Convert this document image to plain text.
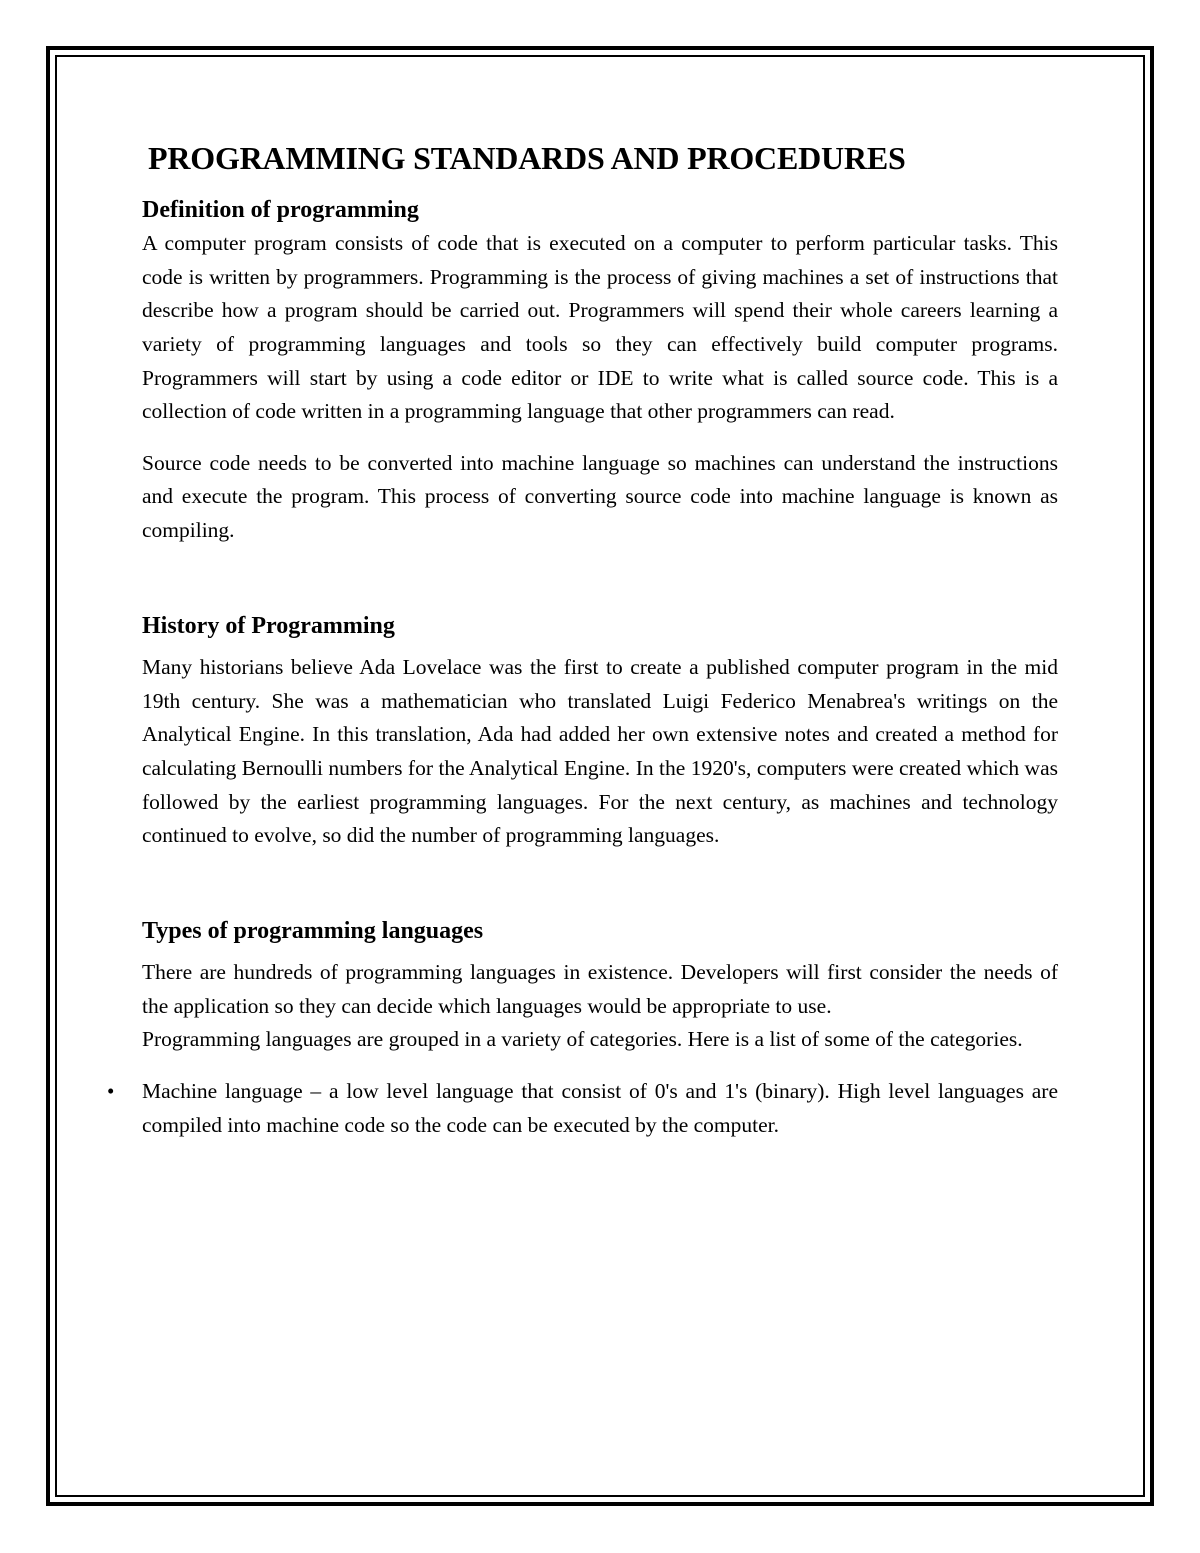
PROGRAMMING STANDARDS AND PROCEDURES
Definition of programming

A computer program consists of code that is executed on a computer to perform particular tasks. This code is written by programmers. Programming is the process of giving machines a set of instructions that describe how a program should be carried out. Programmers will spend their whole careers learning a variety of programming languages and tools so they can effectively build computer programs. Programmers will start by using a code editor or IDE to write what is called source code. This is a collection of code written in a programming language that other programmers can read.

Source code needs to be converted into machine language so machines can understand the instructions and execute the program. This process of converting source code into machine language is known as compiling.

History of Programming

Many historians believe Ada Lovelace was the first to create a published computer program in the mid 19th century. She was a mathematician who translated Luigi Federico Menabrea's writings on the Analytical Engine. In this translation, Ada had added her own extensive notes and created a method for calculating Bernoulli numbers for the Analytical Engine. In the 1920's, computers were created which was followed by the earliest programming languages. For the next century, as machines and technology continued to evolve, so did the number of programming languages.

Types of programming languages

There are hundreds of programming languages in existence. Developers will first consider the needs of the application so they can decide which languages would be appropriate to use.

Programming languages are grouped in a variety of categories. Here is a list of some of the categories.

• Machine language – a low level language that consist of 0's and 1's (binary). High level languages are compiled into machine code so the code can be executed by the computer.
